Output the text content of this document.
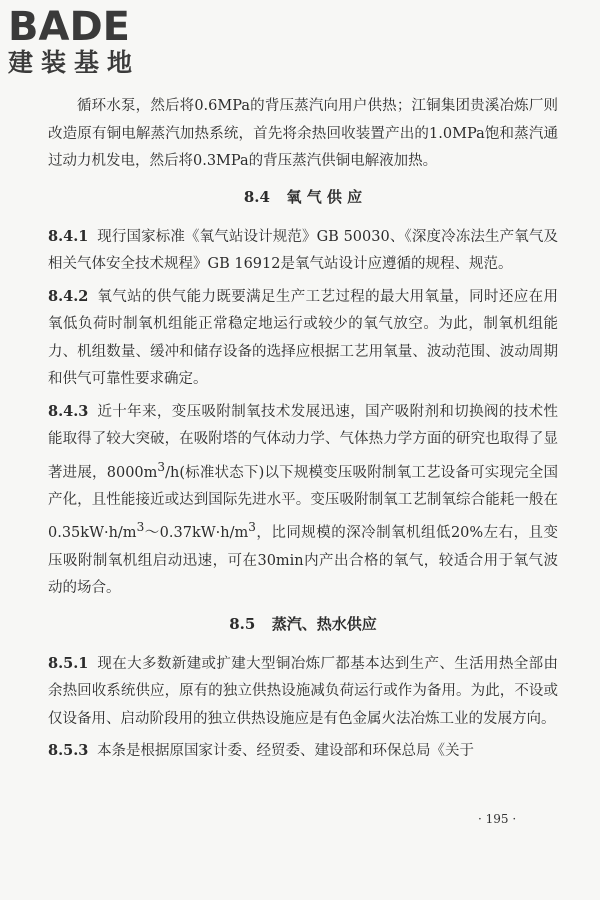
BADE
建装基地

循环水泵，然后将0.6MPa的背压蒸汽向用户供热；江铜集团贵溪冶炼厂则改造原有铜电解蒸汽加热系统，首先将余热回收装置产出的1.0MPa饱和蒸汽通过动力机发电，然后将0.3MPa的背压蒸汽供铜电解液加热。

8.4 氧 气 供 应

8.4.1 现行国家标准《氧气站设计规范》GB 50030、《深度冷冻法生产氧气及相关气体安全技术规程》GB 16912是氧气站设计应遵循的规程、规范。

8.4.2 氧气站的供气能力既要满足生产工艺过程的最大用氧量，同时还应在用氧低负荷时制氧机组能正常稳定地运行或较少的氧气放空。为此，制氧机组能力、机组数量、缓冲和储存设备的选择应根据工艺用氧量、波动范围、波动周期和供气可靠性要求确定。

8.4.3 近十年来，变压吸附制氧技术发展迅速，国产吸附剂和切换阀的技术性能取得了较大突破，在吸附塔的气体动力学、气体热力学方面的研究也取得了显著进展，$8000m^3/h$(标准状态下)以下规模变压吸附制氧工艺设备可实现完全国产化，且性能接近或达到国际先进水平。变压吸附制氧工艺制氧综合能耗一般在$0.35kW\cdot h/m^3\sim 0.37kW\cdot h/m^3$，比同规模的深冷制氧机组低20%左右，且变压吸附制氧机组启动迅速，可在30min内产出合格的氧气，较适合用于氧气波动的场合。

8.5 蒸汽、热水供应

8.5.1 现在大多数新建或扩建大型铜冶炼厂都基本达到生产、生活用热全部由余热回收系统供应，原有的独立供热设施减负荷运行或作为备用。为此，不设或仅设备用、启动阶段用的独立供热设施应是有色金属火法冶炼工业的发展方向。

8.5.3 本条是根据原国家计委、经贸委、建设部和环保总局《关于

· 195 ·
